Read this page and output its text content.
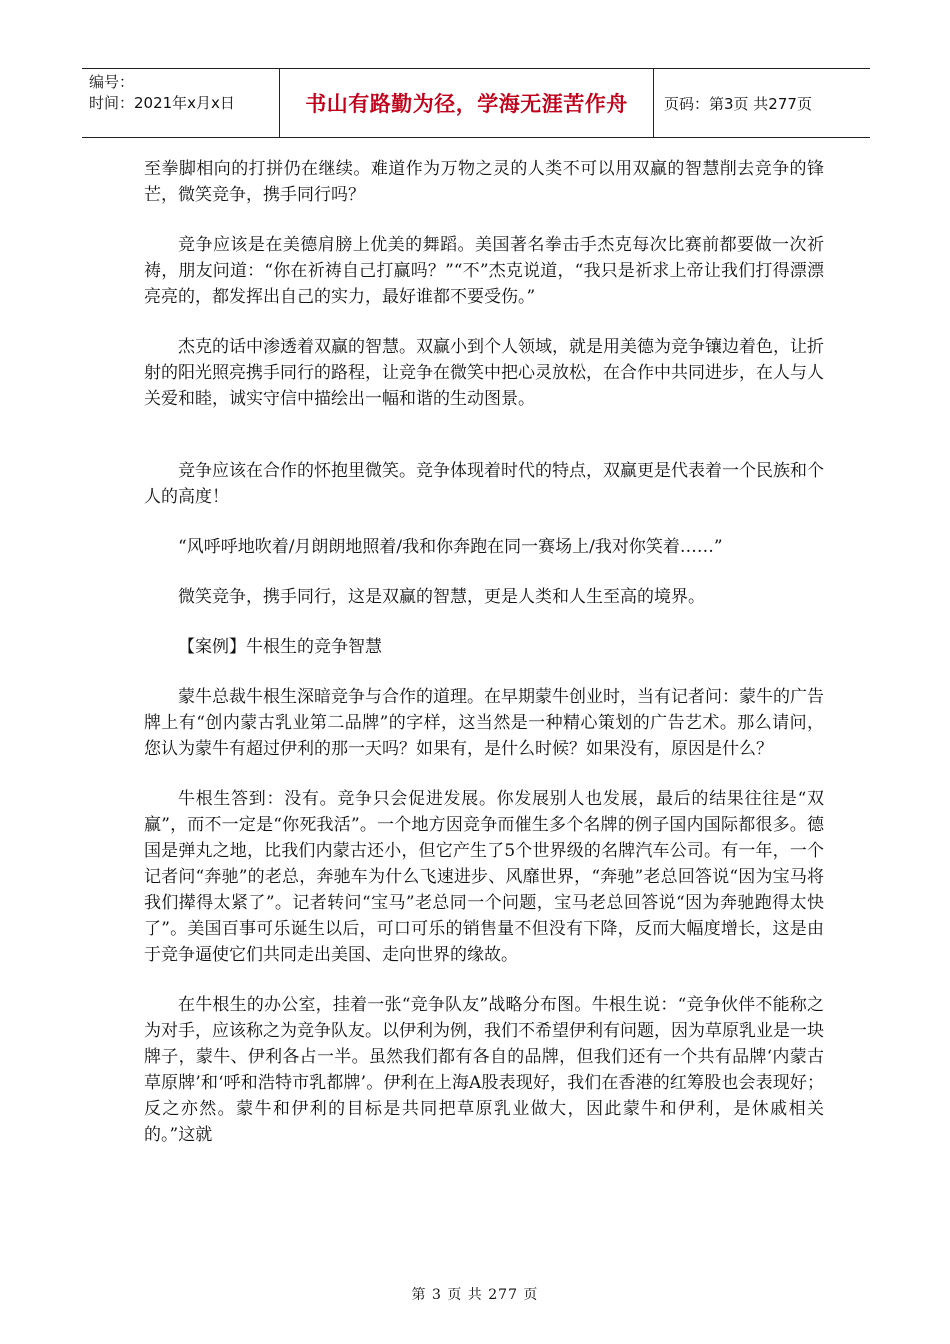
编号：
时间：2021年x月x日	书山有路勤为径，学海无涯苦作舟	页码：第3页 共277页

至拳脚相向的打拼仍在继续。难道作为万物之灵的人类不可以用双赢的智慧削去竞争的锋芒，微笑竞争，携手同行吗？

竞争应该是在美德肩膀上优美的舞蹈。美国著名拳击手杰克每次比赛前都要做一次祈祷，朋友问道：“你在祈祷自己打赢吗？”“不”杰克说道，“我只是祈求上帝让我们打得漂漂亮亮的，都发挥出自己的实力，最好谁都不要受伤。”

杰克的话中渗透着双赢的智慧。双赢小到个人领域，就是用美德为竞争镶边着色，让折射的阳光照亮携手同行的路程，让竞争在微笑中把心灵放松，在合作中共同进步，在人与人关爱和睦，诚实守信中描绘出一幅和谐的生动图景。

竞争应该在合作的怀抱里微笑。竞争体现着时代的特点，双赢更是代表着一个民族和个人的高度！

“风呼呼地吹着/月朗朗地照着/我和你奔跑在同一赛场上/我对你笑着……”

微笑竞争，携手同行，这是双赢的智慧，更是人类和人生至高的境界。

【案例】牛根生的竞争智慧

蒙牛总裁牛根生深暗竞争与合作的道理。在早期蒙牛创业时，当有记者问：蒙牛的广告牌上有“创内蒙古乳业第二品牌”的字样，这当然是一种精心策划的广告艺术。那么请问，您认为蒙牛有超过伊利的那一天吗？如果有，是什么时候？如果没有，原因是什么？

牛根生答到：没有。竞争只会促进发展。你发展别人也发展，最后的结果往往是“双赢”，而不一定是“你死我活”。一个地方因竞争而催生多个名牌的例子国内国际都很多。德国是弹丸之地，比我们内蒙古还小，但它产生了5个世界级的名牌汽车公司。有一年，一个记者问“奔驰”的老总，奔驰车为什么飞速进步、风靡世界，“奔驰”老总回答说“因为宝马将我们撵得太紧了”。记者转问“宝马”老总同一个问题，宝马老总回答说“因为奔驰跑得太快了”。美国百事可乐诞生以后，可口可乐的销售量不但没有下降，反而大幅度增长，这是由于竞争逼使它们共同走出美国、走向世界的缘故。

在牛根生的办公室，挂着一张“竞争队友”战略分布图。牛根生说：“竞争伙伴不能称之为对手，应该称之为竞争队友。以伊利为例，我们不希望伊利有问题，因为草原乳业是一块牌子，蒙牛、伊利各占一半。虽然我们都有各自的品牌，但我们还有一个共有品牌‘内蒙古草原牌’和‘呼和浩特市乳都牌’。伊利在上海A股表现好，我们在香港的红筹股也会表现好；反之亦然。蒙牛和伊利的目标是共同把草原乳业做大，因此蒙牛和伊利，是休戚相关的。”这就

第 3 页 共 277 页
